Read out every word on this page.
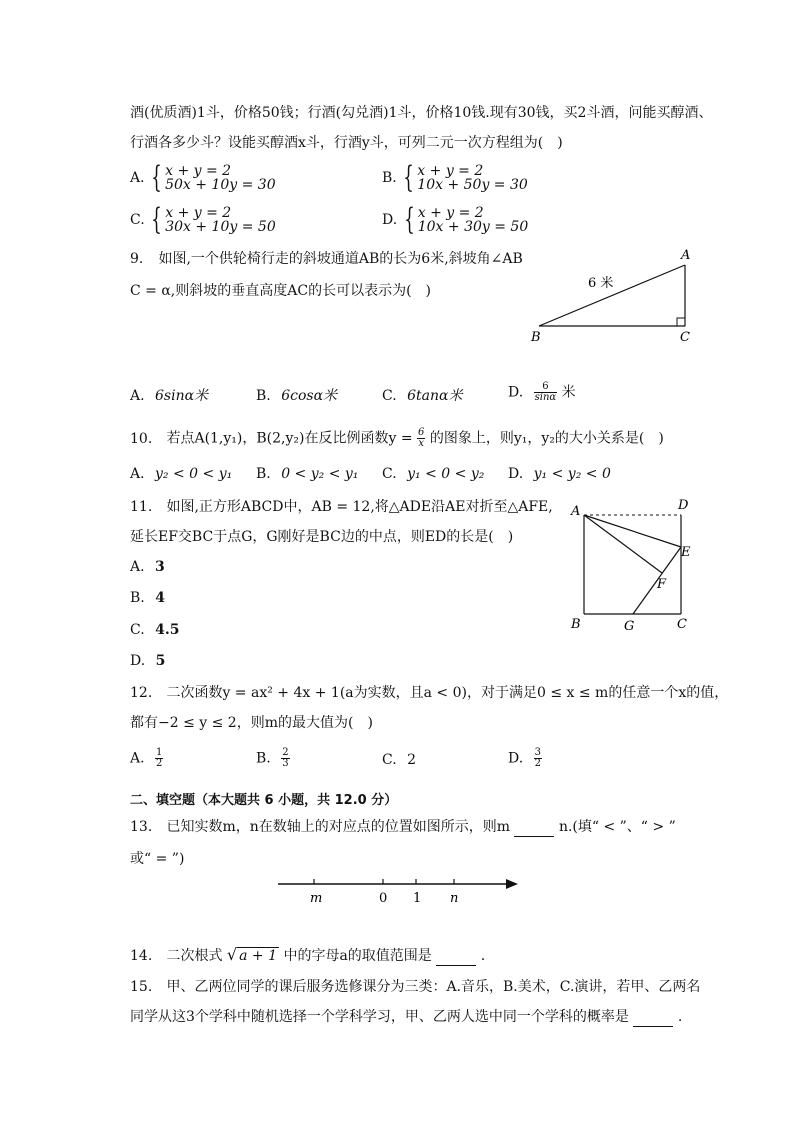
酒(优质酒)1斗，价格50钱；行酒(勾兑酒)1斗，价格10钱.现有30钱，买2斗酒，问能买醇酒、
行酒各多少斗？设能买醇酒x斗，行酒y斗，可列二元一次方程组为(　)
A. { x + y = 2
50x + 10y = 30	B. { x + y = 2
10x + 50y = 30
C. { x + y = 2
30x + 10y = 50	D. { x + y = 2
10x + 30y = 50
9. 如图,一个供轮椅行走的斜坡通道AB的长为6米,斜坡角∠AB
C = α,则斜坡的垂直高度AC的长可以表示为(　)
A
B	C
6 米
A. 6sinα米	B. 6cosα米	C. 6tanα米	D. $\frac{6}{\sin\alpha}$ 米
10. 若点A(1,y₁)，B(2,y₂)在反比例函数$y = \frac{6}{x}$ 的图象上，则y₁，y₂的大小关系是(　)
A. y₂ < 0 < y₁ B. 0 < y₂ < y₁ C. y₁ < 0 < y₂ D. y₁ < y₂ < 0
11. 如图,正方形ABCD中，AB = 12,将△ADE沿AE对折至△AFE,
延长EF交BC于点G，G刚好是BC边的中点，则ED的长是(　)
A	D
E
F
B	G	C
A. 3
B. 4
C. 4.5
D. 5
12. 二次函数y = ax² + 4x + 1(a为实数，且a < 0)，对于满足0 ≤ x ≤ m的任意一个x的值，
都有−2 ≤ y ≤ 2，则m的最大值为(　)
A. $\frac{1}{2}$	B. $\frac{2}{3}$	C. 2	D. $\frac{3}{2}$
二、填空题（本大题共 6 小题，共 12.0 分）
13. 已知实数m，n在数轴上的对应点的位置如图所示，则m	n.(填“ < ”、“ > ”
或“ = ”)
m	0 1 n
14. 二次根式 √ a + 1 中的字母a的取值范围是	.
15. 甲、乙两位同学的课后服务选修课分为三类：A.音乐，B.美术，C.演讲，若甲、乙两名
同学从这3个学科中随机选择一个学科学习，甲、乙两人选中同一个学科的概率是	.
